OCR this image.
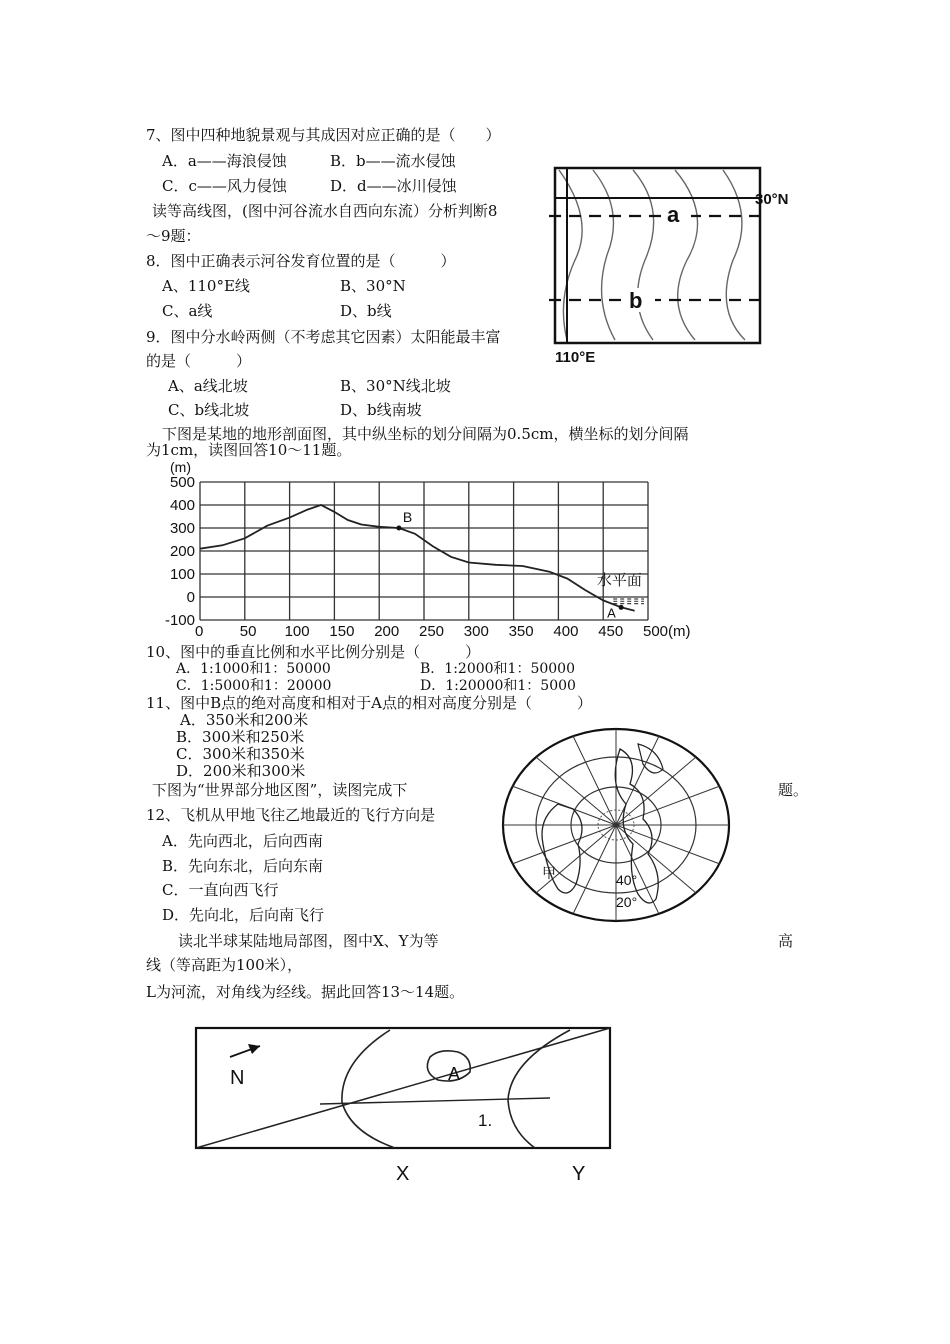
7、图中四种地貌景观与其成因对应正确的是（　　）
A．a——海浪侵蚀	B．b——流水侵蚀
C．c——风力侵蚀	D．d——冰川侵蚀
读等高线图，(图中河谷流水自西向东流）分析判断8
～9题：
8．图中正确表示河谷发育位置的是（　　　）
A、110°E线	B、30°N
C、a线	D、b线
9．图中分水岭两侧（不考虑其它因素）太阳能最丰富
的是（　　　）
A、a线北坡	B、30°N线北坡
C、b线北坡	D、b线南坡
a
b
30°N
110°E
下图是某地的地形剖面图，其中纵坐标的划分间隔为0.5cm，横坐标的划分间隔
为1cm，读图回答10～11题。
500
400
300
200
100
0
-100
0 50 100 150 200 250 300 350 400 450 500(m)
(m)
B
A
水平面
10、图中的垂直比例和水平比例分别是（　　　）
A．1:1000和1：50000	B．1:2000和1：50000
C．1:5000和1：20000	D．1:20000和1：5000
11、图中B点的绝对高度和相对于A点的相对高度分别是（　　　）
A．350米和200米
B．300米和250米
C．300米和350米
D．200米和300米
下图为“世界部分地区图”，读图完成下	题。
甲	40°
20°
12、飞机从甲地飞往乙地最近的飞行方向是
A．先向西北，后向西南
B．先向东北，后向东南
C．一直向西飞行
D．先向北，后向南飞行
读北半球某陆地局部图，图中X、Y为等	高
线（等高距为100米），
L为河流，对角线为经线。据此回答13～14题。
N	A
1.
X	Y
